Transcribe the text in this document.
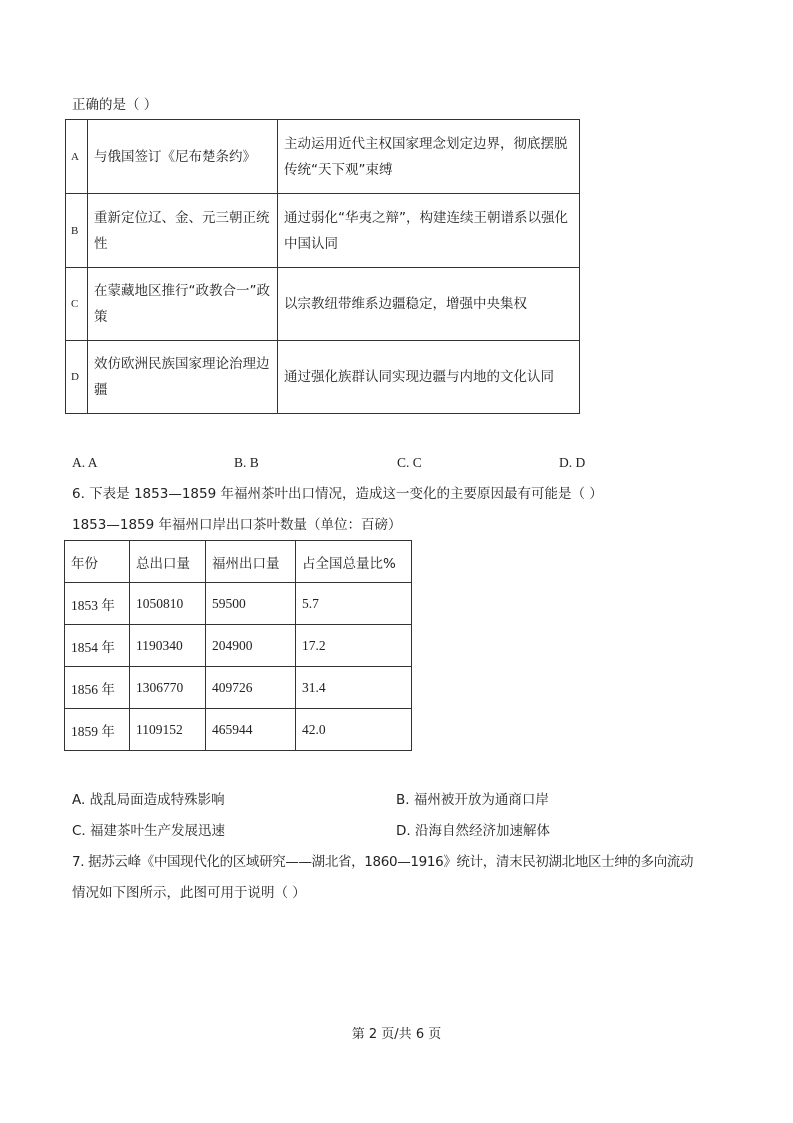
正确的是（ ）
A	与俄国签订《尼布楚条约》	主动运用近代主权国家理念划定边界，彻底摆脱传统“天下观”束缚
B	重新定位辽、金、元三朝正统性	通过弱化“华夷之辩”，构建连续王朝谱系以强化中国认同
C	在蒙藏地区推行“政教合一”政策	以宗教纽带维系边疆稳定，增强中央集权
D	效仿欧洲民族国家理论治理边疆	通过强化族群认同实现边疆与内地的文化认同
A. A	B. B	C. C	D. D
6. 下表是 1853—1859 年福州茶叶出口情况，造成这一变化的主要原因最有可能是（ ）
1853—1859 年福州口岸出口茶叶数量（单位：百磅）
年份	总出口量	福州出口量	占全国总量比%
1853 年	1050810	59500	5.7
1854 年	1190340	204900	17.2
1856 年	1306770	409726	31.4
1859 年	1109152	465944	42.0
A. 战乱局面造成特殊影响	B. 福州被开放为通商口岸
C. 福建茶叶生产发展迅速	D. 沿海自然经济加速解体
7. 据苏云峰《中国现代化的区域研究——湖北省，1860—1916》统计，清末民初湖北地区士绅的多向流动
情况如下图所示，此图可用于说明（ ）
第 2 页/共 6 页
